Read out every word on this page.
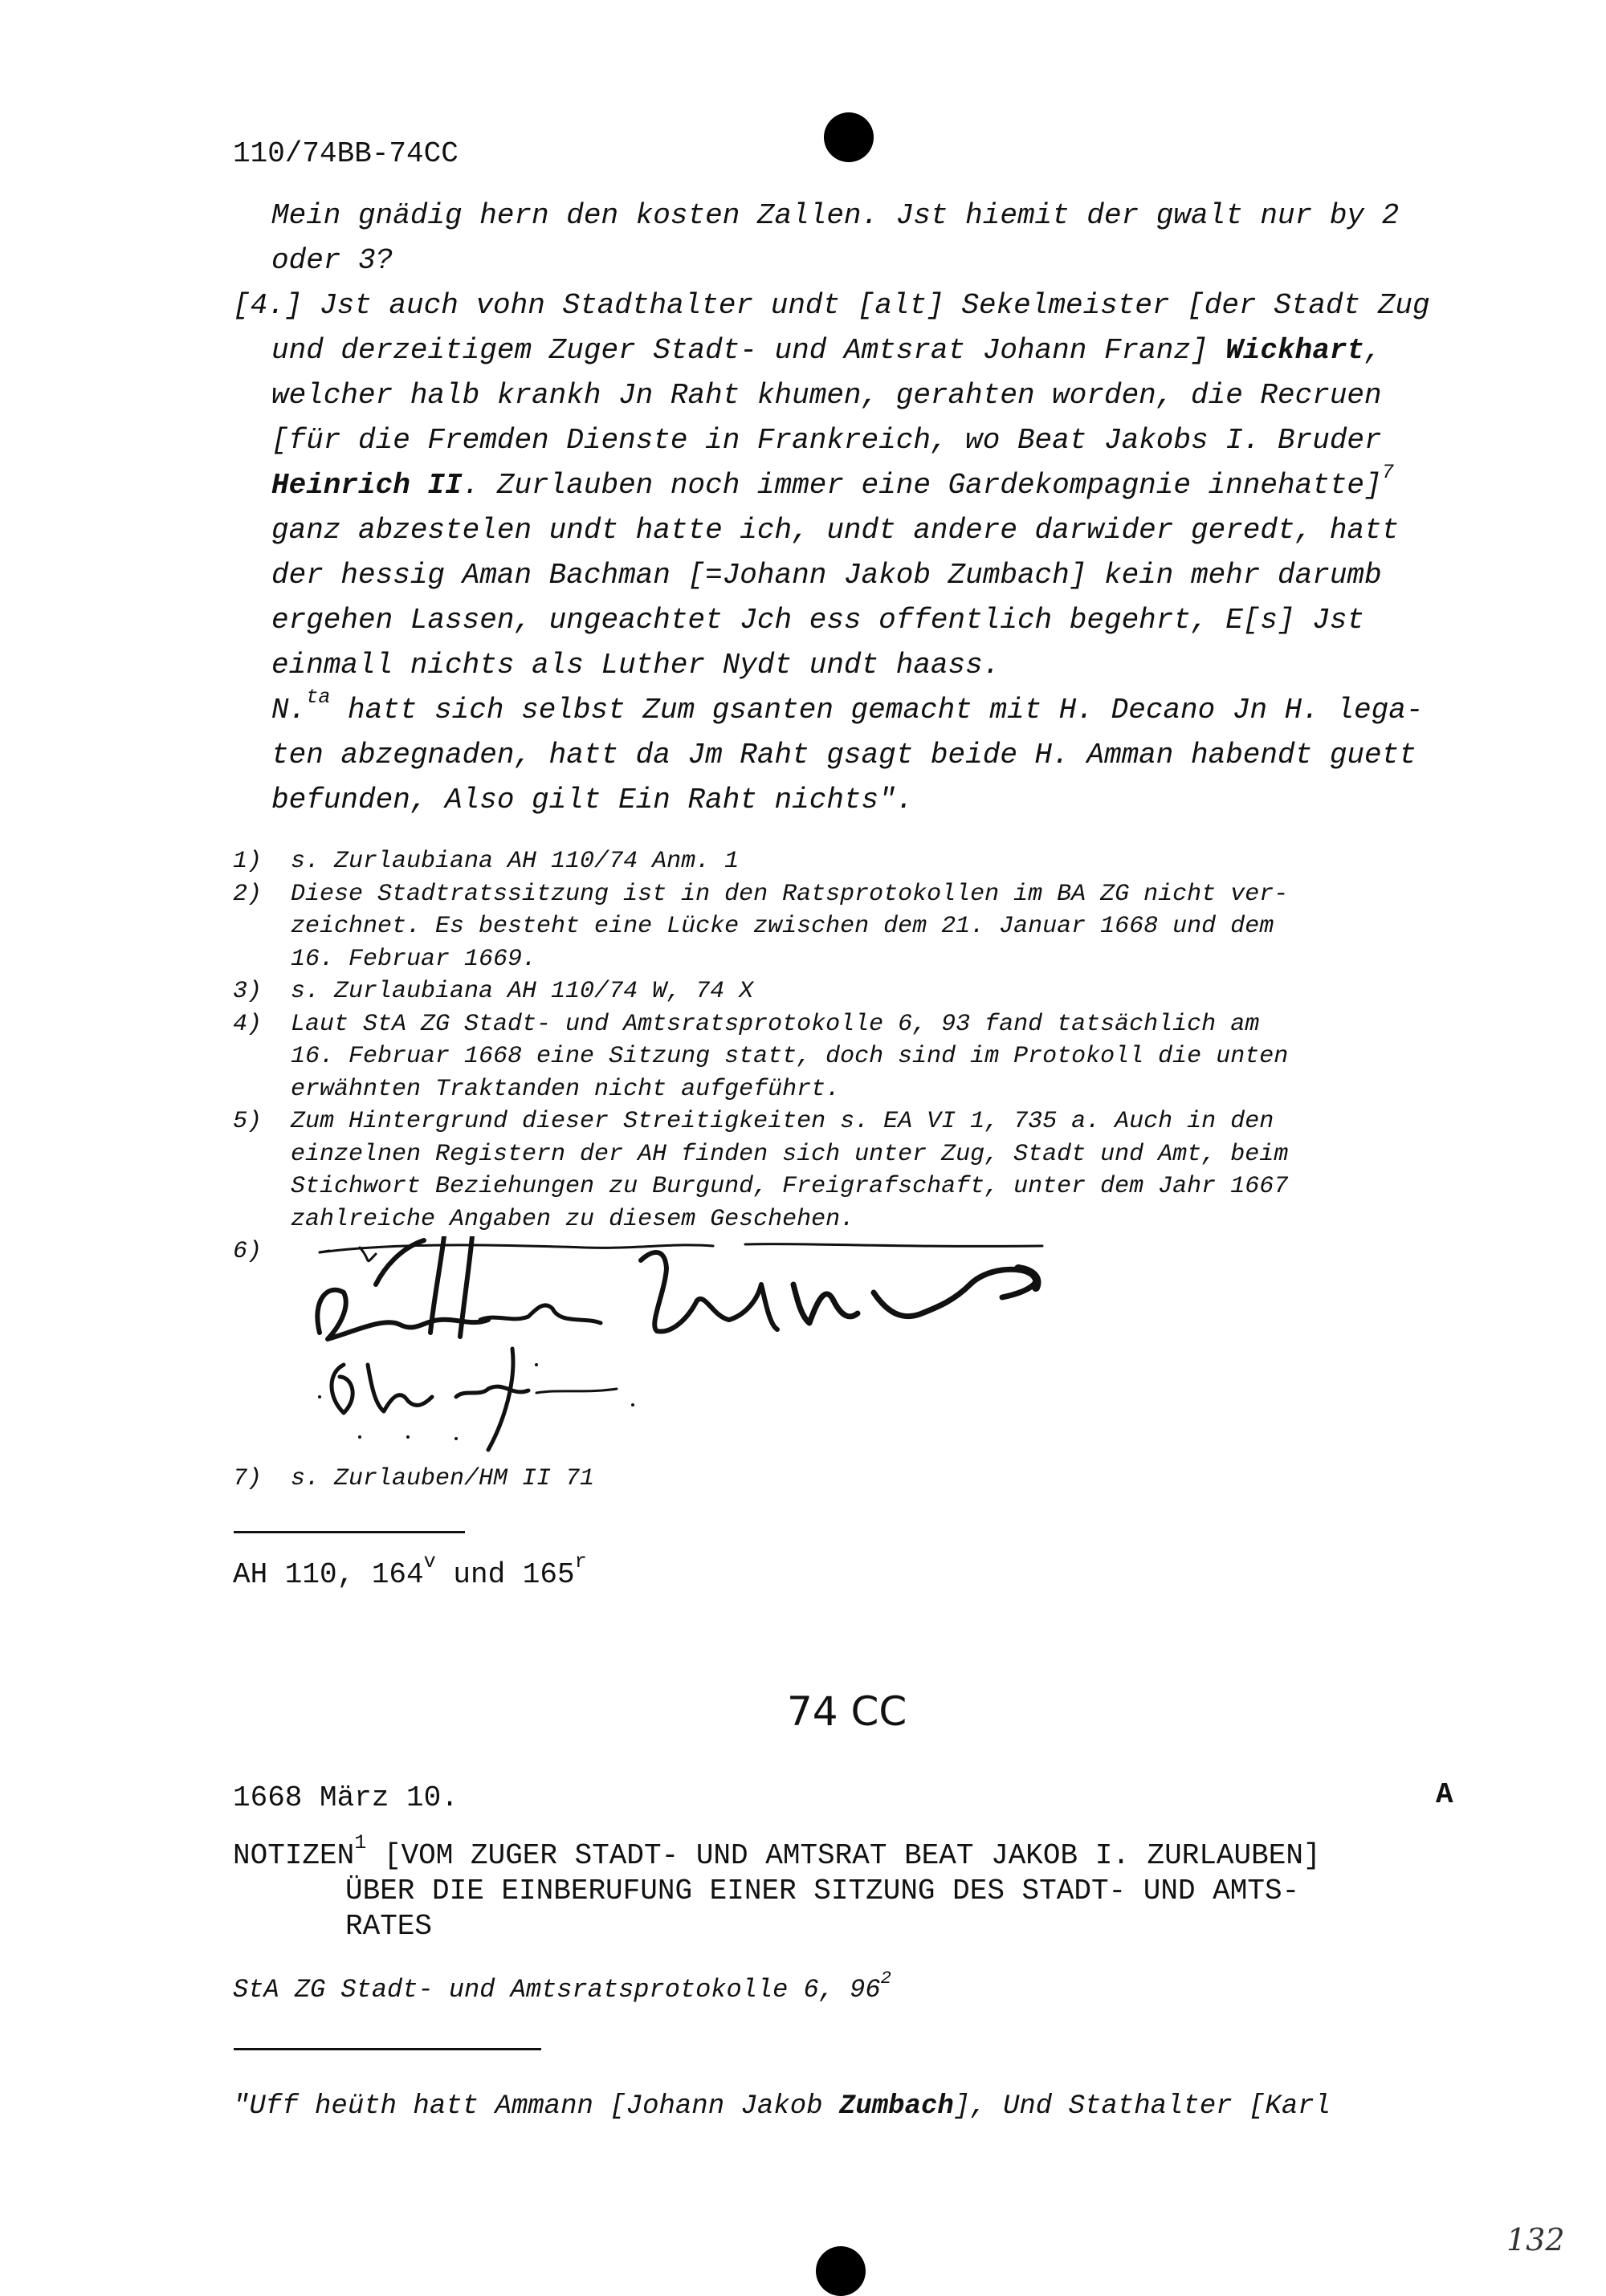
110/74BB-74CC

Mein gnädig hern den kosten Zallen. Jst hiemit der gwalt nur by 2
oder 3?

[4.] Jst auch vohn Stadthalter undt [alt] Sekelmeister [der Stadt Zug
und derzeitigem Zuger Stadt- und Amtsrat Johann Franz] Wickhart,
welcher halb krankh Jn Raht khumen, gerahten worden, die Recruen
[für die Fremden Dienste in Frankreich, wo Beat Jakobs I. Bruder
Heinrich II. Zurlauben noch immer eine Gardekompagnie innehatte]$^7$
ganz abzestelen undt hatte ich, undt andere darwider geredt, hatt
der hessig Aman Bachman [=Johann Jakob Zumbach] kein mehr darumb
ergehen Lassen, ungeachtet Jch ess offentlich begehrt, E[s] Jst
einmall nichts als Luther Nydt undt haass.

N.$^{ta}$ hatt sich selbst Zum gsanten gemacht mit H. Decano Jn H. lega-
ten abzegnaden, hatt da Jm Raht gsagt beide H. Amman habendt guett
befunden, Also gilt Ein Raht nichts".

1)	s. Zurlaubiana AH 110/74 Anm. 1
2)	Diese Stadtratssitzung ist in den Ratsprotokollen im BA ZG nicht ver-
zeichnet. Es besteht eine Lücke zwischen dem 21. Januar 1668 und dem
16. Februar 1669.
3)	s. Zurlaubiana AH 110/74 W, 74 X
4)	Laut StA ZG Stadt- und Amtsratsprotokolle 6, 93 fand tatsächlich am
16. Februar 1668 eine Sitzung statt, doch sind im Protokoll die unten
erwähnten Traktanden nicht aufgeführt.
5)	Zum Hintergrund dieser Streitigkeiten s. EA VI 1, 735 a. Auch in den
einzelnen Registern der AH finden sich unter Zug, Stadt und Amt, beim
Stichwort Beziehungen zu Burgund, Freigrafschaft, unter dem Jahr 1667
zahlreiche Angaben zu diesem Geschehen.
6)
7)	s. Zurlauben/HM II 71
AH 110, 164$^v$ und 165$^r$
74 CC
1668 März 10.	A
NOTIZEN$^1$ [VOM ZUGER STADT- UND AMTSRAT BEAT JAKOB I. ZURLAUBEN]
ÜBER DIE EINBERUFUNG EINER SITZUNG DES STADT- UND AMTS-
RATES
StA ZG Stadt- und Amtsratsprotokolle 6, $96^2$
"Uff heüth hatt Ammann [Johann Jakob Zumbach], Und Stathalter [Karl
132
